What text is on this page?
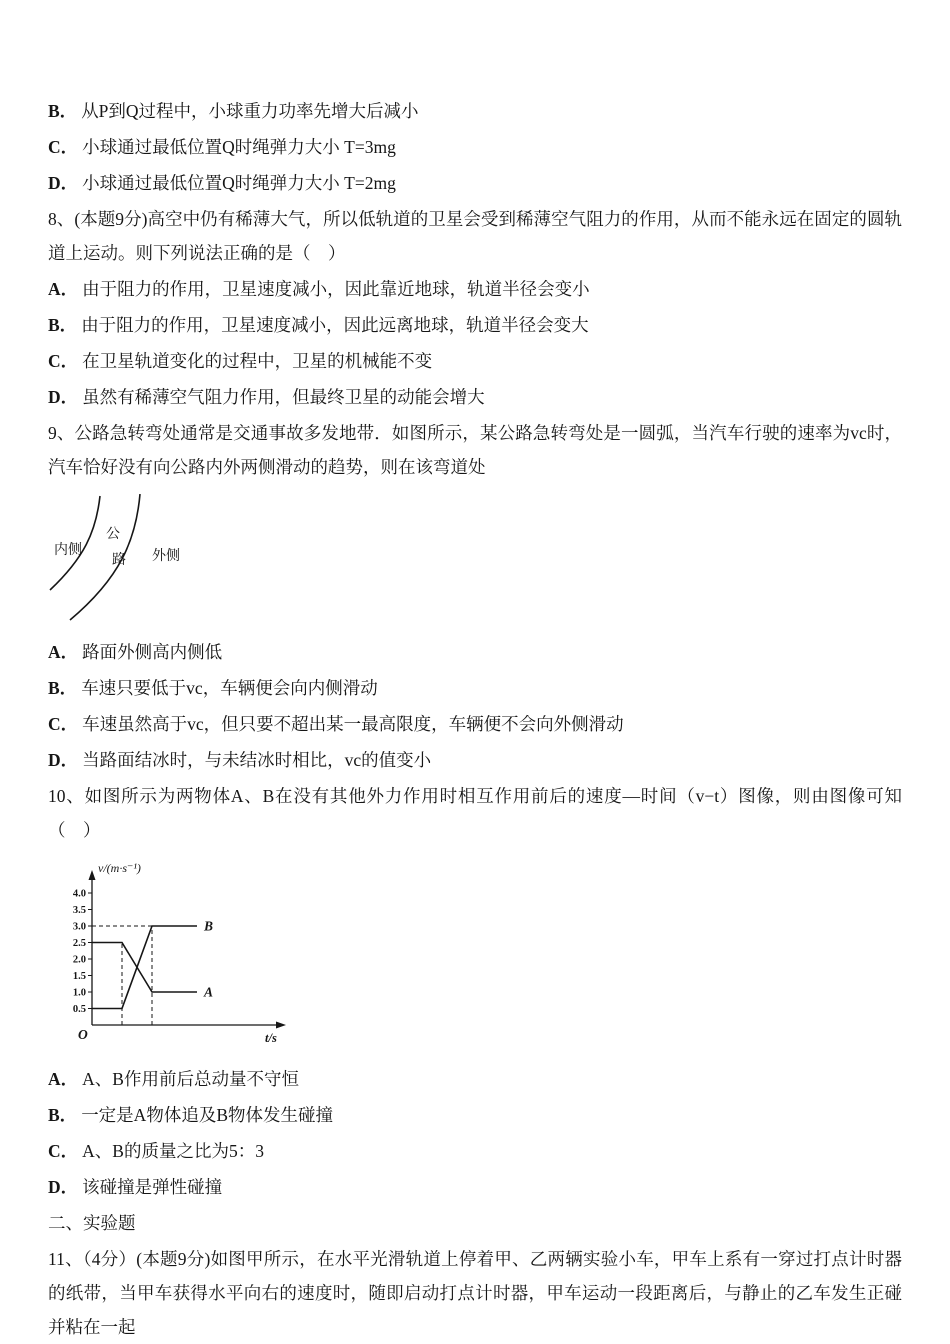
B． 从P到Q过程中，小球重力功率先增大后减小
C． 小球通过最低位置Q时绳弹力大小 T=3mg
D． 小球通过最低位置Q时绳弹力大小 T=2mg
8、(本题9分)高空中仍有稀薄大气，所以低轨道的卫星会受到稀薄空气阻力的作用，从而不能永远在固定的圆轨道上运动。则下列说法正确的是（　）
A． 由于阻力的作用，卫星速度减小，因此靠近地球，轨道半径会变小
B． 由于阻力的作用，卫星速度减小，因此远离地球，轨道半径会变大
C． 在卫星轨道变化的过程中，卫星的机械能不变
D． 虽然有稀薄空气阻力作用，但最终卫星的动能会增大
9、公路急转弯处通常是交通事故多发地带．如图所示，某公路急转弯处是一圆弧，当汽车行驶的速率为vc时，汽车恰好没有向公路内外两侧滑动的趋势，则在该弯道处
内侧
公
路 外侧
A． 路面外侧高内侧低
B． 车速只要低于vc，车辆便会向内侧滑动
C． 车速虽然高于vc，但只要不超出某一最高限度，车辆便不会向外侧滑动
D． 当路面结冰时，与未结冰时相比，vc的值变小
10、如图所示为两物体A、B在没有其他外力作用时相互作用前后的速度—时间（v−t）图像，则由图像可知（　）
0.5
1.0
1.5
2.0
2.5
3.0
3.5
4.0
A
B
v/(m·s⁻¹)
t/s
O
A． A、B作用前后总动量不守恒
B． 一定是A物体追及B物体发生碰撞
C． A、B的质量之比为5：3
D． 该碰撞是弹性碰撞
二、实验题
11、（4分）(本题9分)如图甲所示，在水平光滑轨道上停着甲、乙两辆实验小车，甲车上系有一穿过打点计时器的纸带，当甲车获得水平向右的速度时，随即启动打点计时器，甲车运动一段距离后，与静止的乙车发生正碰并粘在一起
